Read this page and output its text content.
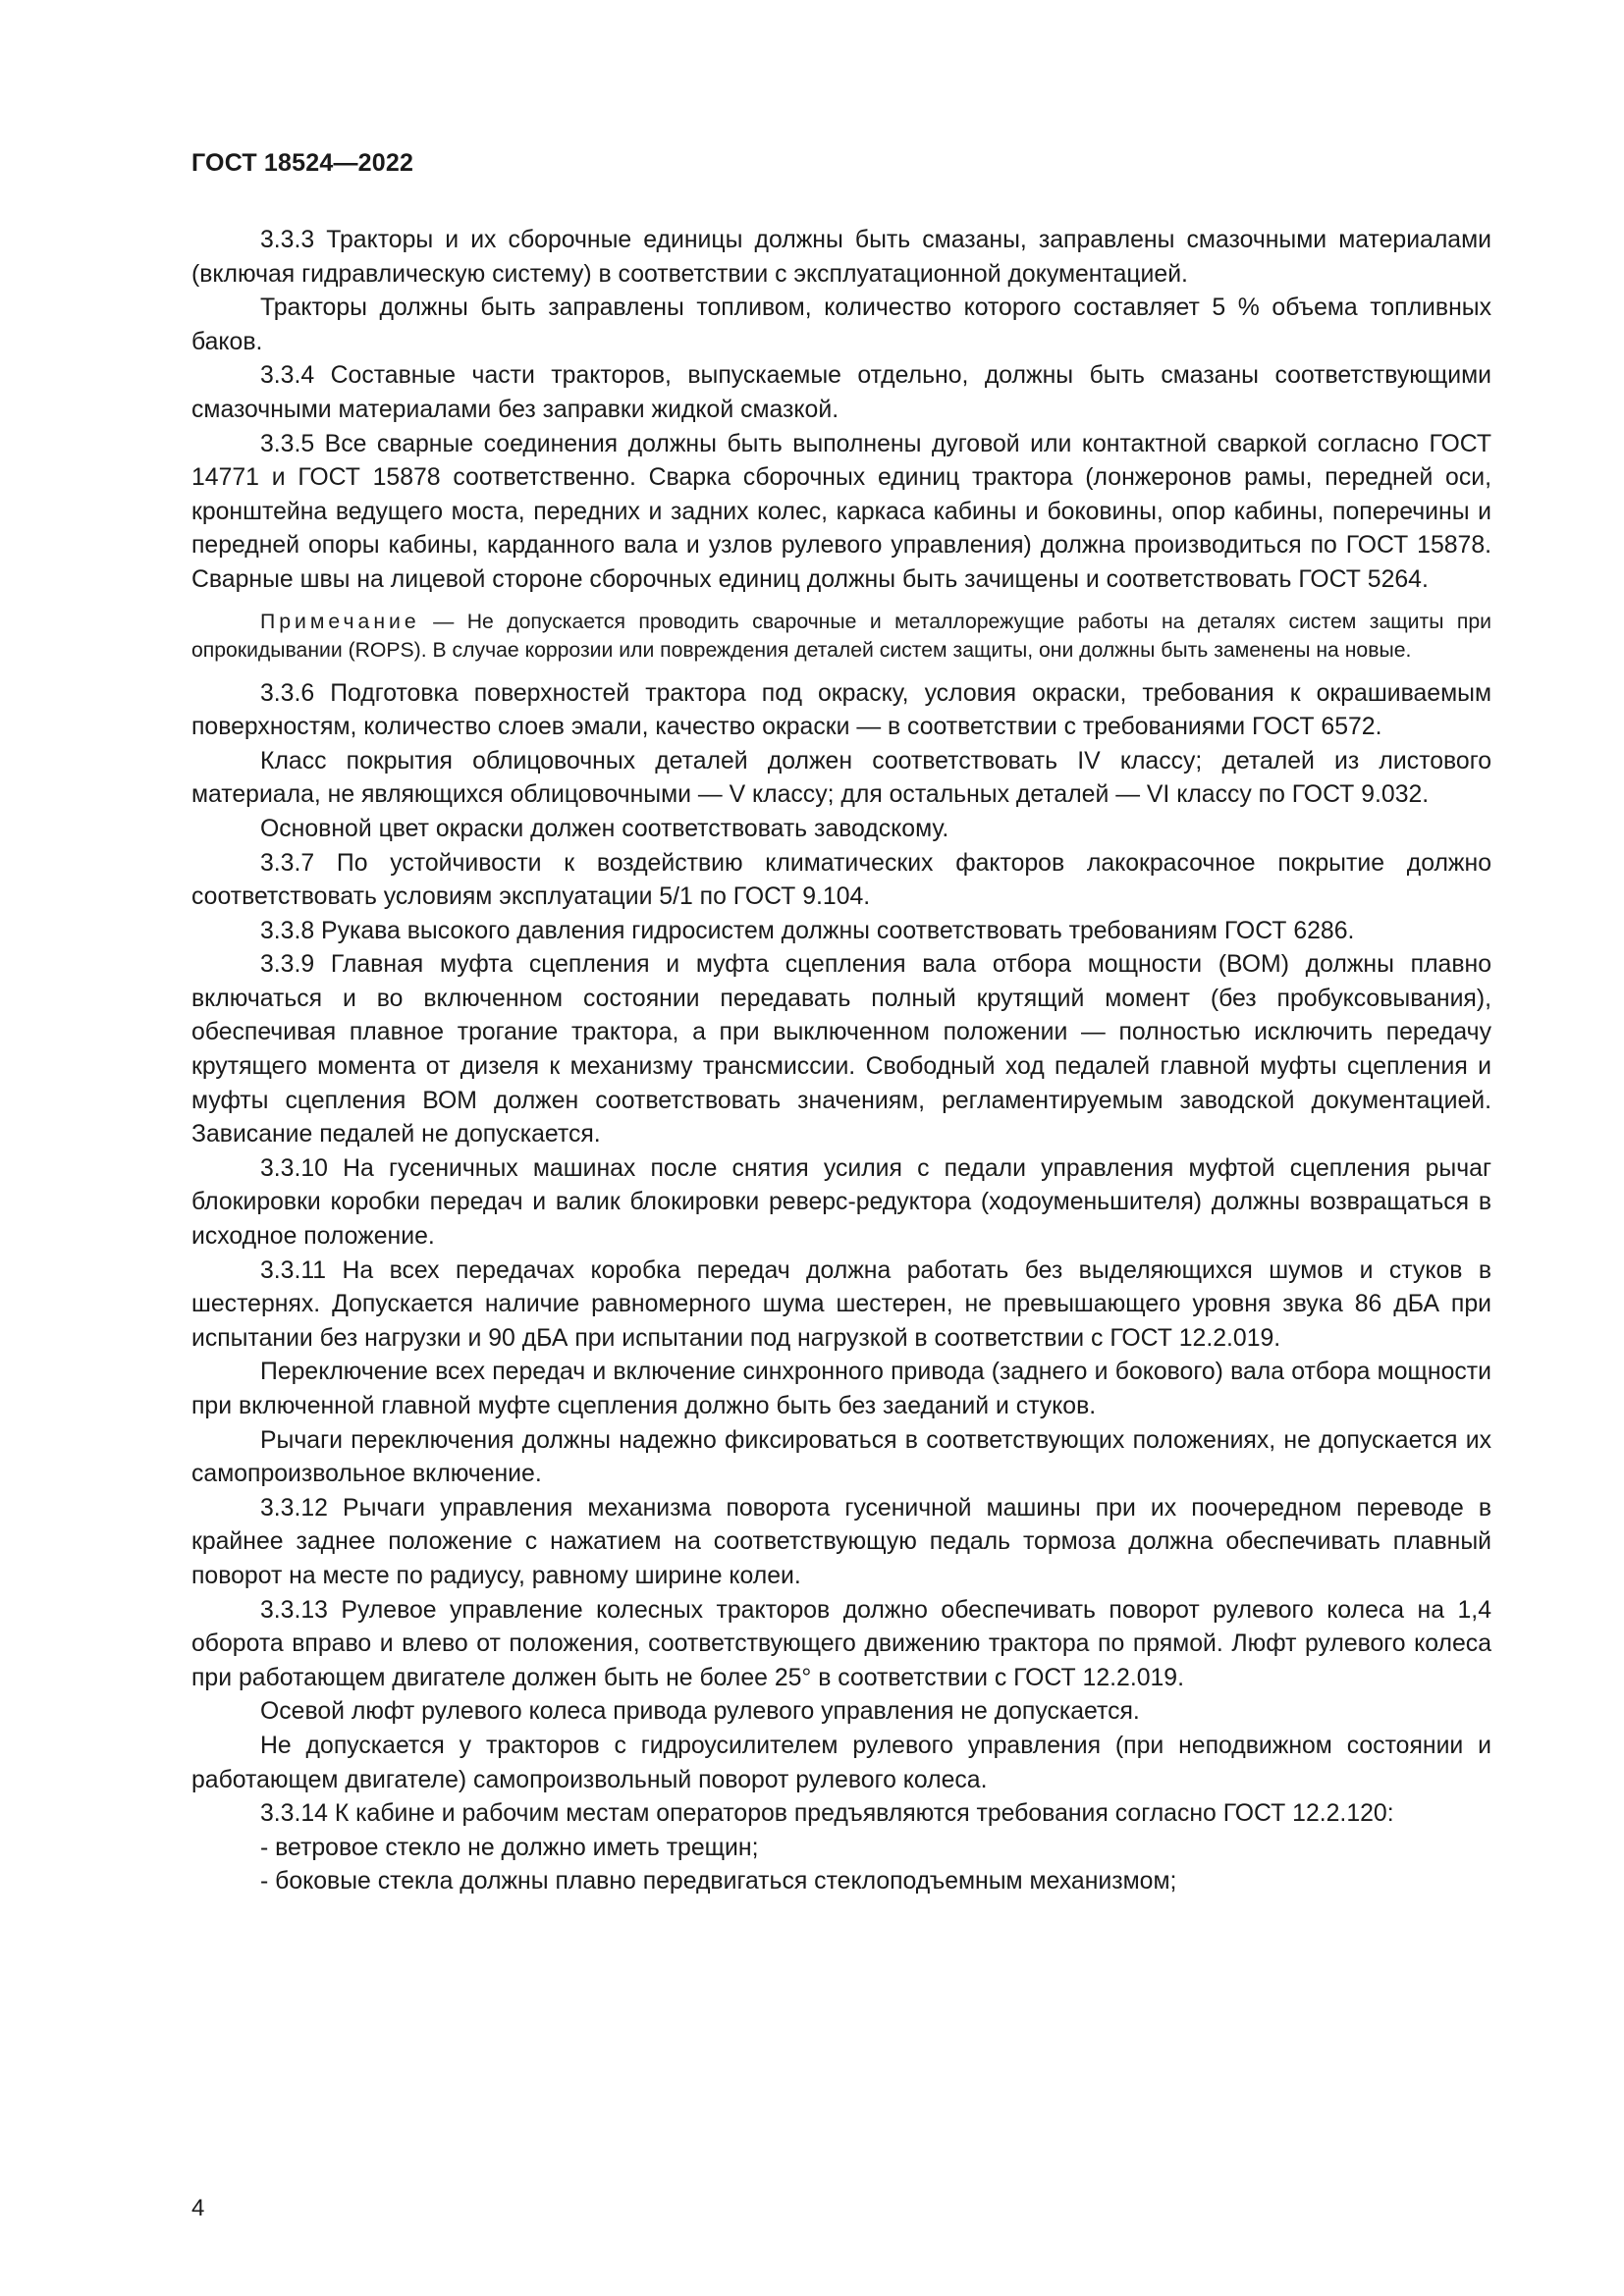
ГОСТ 18524—2022

3.3.3 Тракторы и их сборочные единицы должны быть смазаны, заправлены смазочными материалами (включая гидравлическую систему) в соответствии с эксплуатационной документацией.

Тракторы должны быть заправлены топливом, количество которого составляет 5 % объема топливных баков.

3.3.4 Составные части тракторов, выпускаемые отдельно, должны быть смазаны соответствующими смазочными материалами без заправки жидкой смазкой.

3.3.5 Все сварные соединения должны быть выполнены дуговой или контактной сваркой согласно ГОСТ 14771 и ГОСТ 15878 соответственно. Сварка сборочных единиц трактора (лонжеронов рамы, передней оси, кронштейна ведущего моста, передних и задних колес, каркаса кабины и боковины, опор кабины, поперечины и передней опоры кабины, карданного вала и узлов рулевого управления) должна производиться по ГОСТ 15878. Сварные швы на лицевой стороне сборочных единиц должны быть зачищены и соответствовать ГОСТ 5264.

Примечание — Не допускается проводить сварочные и металлорежущие работы на деталях систем защиты при опрокидывании (ROPS). В случае коррозии или повреждения деталей систем защиты, они должны быть заменены на новые.

3.3.6 Подготовка поверхностей трактора под окраску, условия окраски, требования к окрашиваемым поверхностям, количество слоев эмали, качество окраски — в соответствии с требованиями ГОСТ 6572.

Класс покрытия облицовочных деталей должен соответствовать IV классу; деталей из листового материала, не являющихся облицовочными — V классу; для остальных деталей — VI классу по ГОСТ 9.032.

Основной цвет окраски должен соответствовать заводскому.

3.3.7 По устойчивости к воздействию климатических факторов лакокрасочное покрытие должно соответствовать условиям эксплуатации 5/1 по ГОСТ 9.104.

3.3.8 Рукава высокого давления гидросистем должны соответствовать требованиям ГОСТ 6286.

3.3.9 Главная муфта сцепления и муфта сцепления вала отбора мощности (ВОМ) должны плавно включаться и во включенном состоянии передавать полный крутящий момент (без пробуксовывания), обеспечивая плавное трогание трактора, а при выключенном положении — полностью исключить передачу крутящего момента от дизеля к механизму трансмиссии. Свободный ход педалей главной муфты сцепления и муфты сцепления ВОМ должен соответствовать значениям, регламентируемым заводской документацией. Зависание педалей не допускается.

3.3.10 На гусеничных машинах после снятия усилия с педали управления муфтой сцепления рычаг блокировки коробки передач и валик блокировки реверс-редуктора (ходоуменьшителя) должны возвращаться в исходное положение.

3.3.11 На всех передачах коробка передач должна работать без выделяющихся шумов и стуков в шестернях. Допускается наличие равномерного шума шестерен, не превышающего уровня звука 86 дБА при испытании без нагрузки и 90 дБА при испытании под нагрузкой в соответствии с ГОСТ 12.2.019.

Переключение всех передач и включение синхронного привода (заднего и бокового) вала отбора мощности при включенной главной муфте сцепления должно быть без заеданий и стуков.

Рычаги переключения должны надежно фиксироваться в соответствующих положениях, не допускается их самопроизвольное включение.

3.3.12 Рычаги управления механизма поворота гусеничной машины при их поочередном переводе в крайнее заднее положение с нажатием на соответствующую педаль тормоза должна обеспечивать плавный поворот на месте по радиусу, равному ширине колеи.

3.3.13 Рулевое управление колесных тракторов должно обеспечивать поворот рулевого колеса на 1,4 оборота вправо и влево от положения, соответствующего движению трактора по прямой. Люфт рулевого колеса при работающем двигателе должен быть не более 25° в соответствии с ГОСТ 12.2.019.

Осевой люфт рулевого колеса привода рулевого управления не допускается.

Не допускается у тракторов с гидроусилителем рулевого управления (при неподвижном состоянии и работающем двигателе) самопроизвольный поворот рулевого колеса.

3.3.14 К кабине и рабочим местам операторов предъявляются требования согласно ГОСТ 12.2.120:

- ветровое стекло не должно иметь трещин;

- боковые стекла должны плавно передвигаться стеклоподъемным механизмом;

4
